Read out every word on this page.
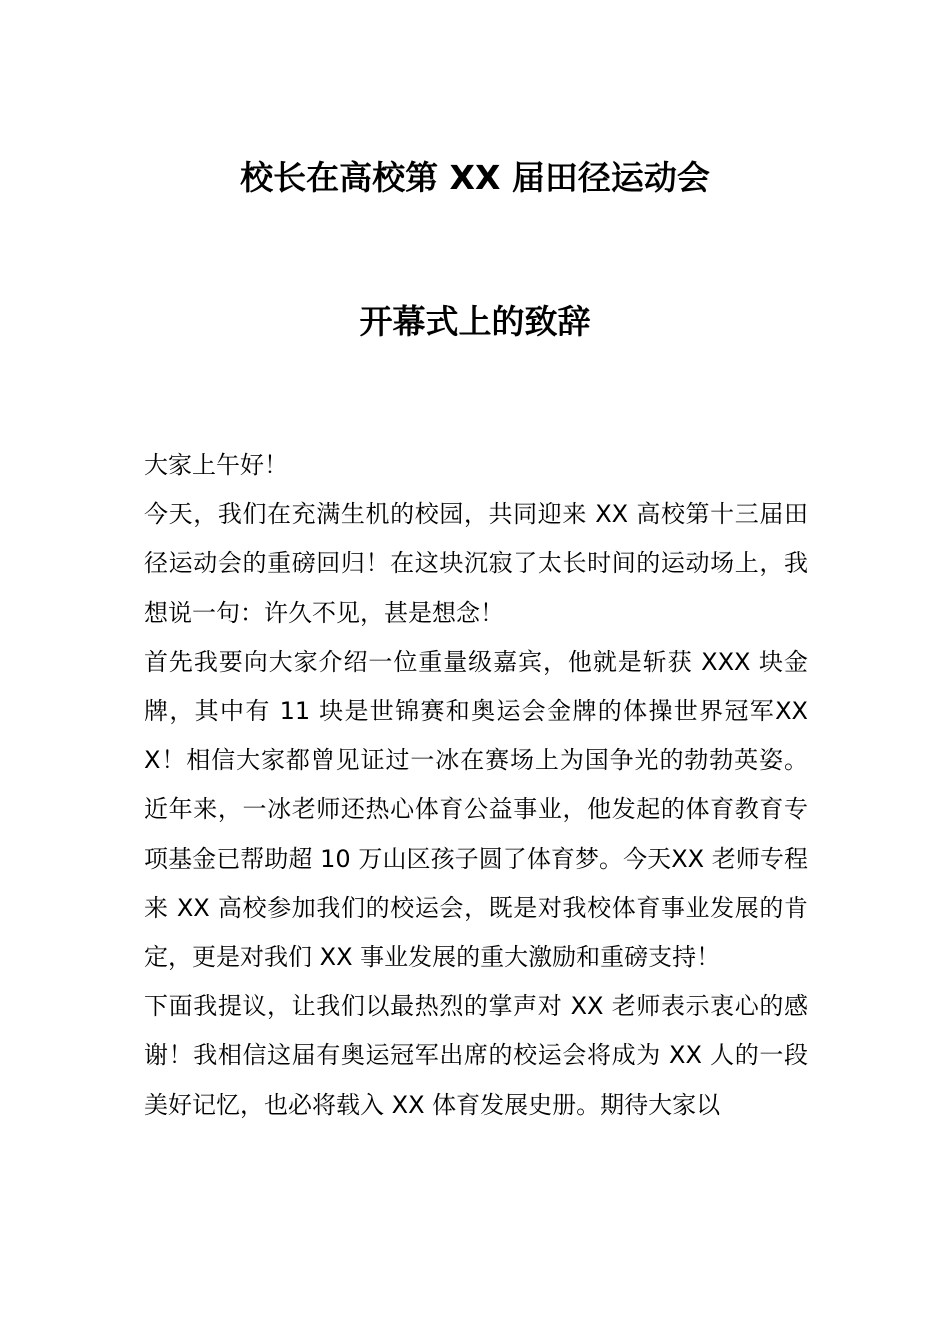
校长在高校第 XX 届田径运动会
开幕式上的致辞

大家上午好！

今天，我们在充满生机的校园，共同迎来 XX 高校第十三届田径运动会的重磅回归！在这块沉寂了太长时间的运动场上，我想说一句：许久不见，甚是想念！

首先我要向大家介绍一位重量级嘉宾，他就是斩获 XXX 块金牌，其中有 11 块是世锦赛和奥运会金牌的体操世界冠军XXX！相信大家都曾见证过一冰在赛场上为国争光的勃勃英姿。近年来，一冰老师还热心体育公益事业，他发起的体育教育专项基金已帮助超 10 万山区孩子圆了体育梦。今天XX 老师专程来 XX 高校参加我们的校运会，既是对我校体育事业发展的肯定，更是对我们 XX 事业发展的重大激励和重磅支持！

下面我提议，让我们以最热烈的掌声对 XX 老师表示衷心的感谢！我相信这届有奥运冠军出席的校运会将成为 XX 人的一段美好记忆，也必将载入 XX 体育发展史册。期待大家以
